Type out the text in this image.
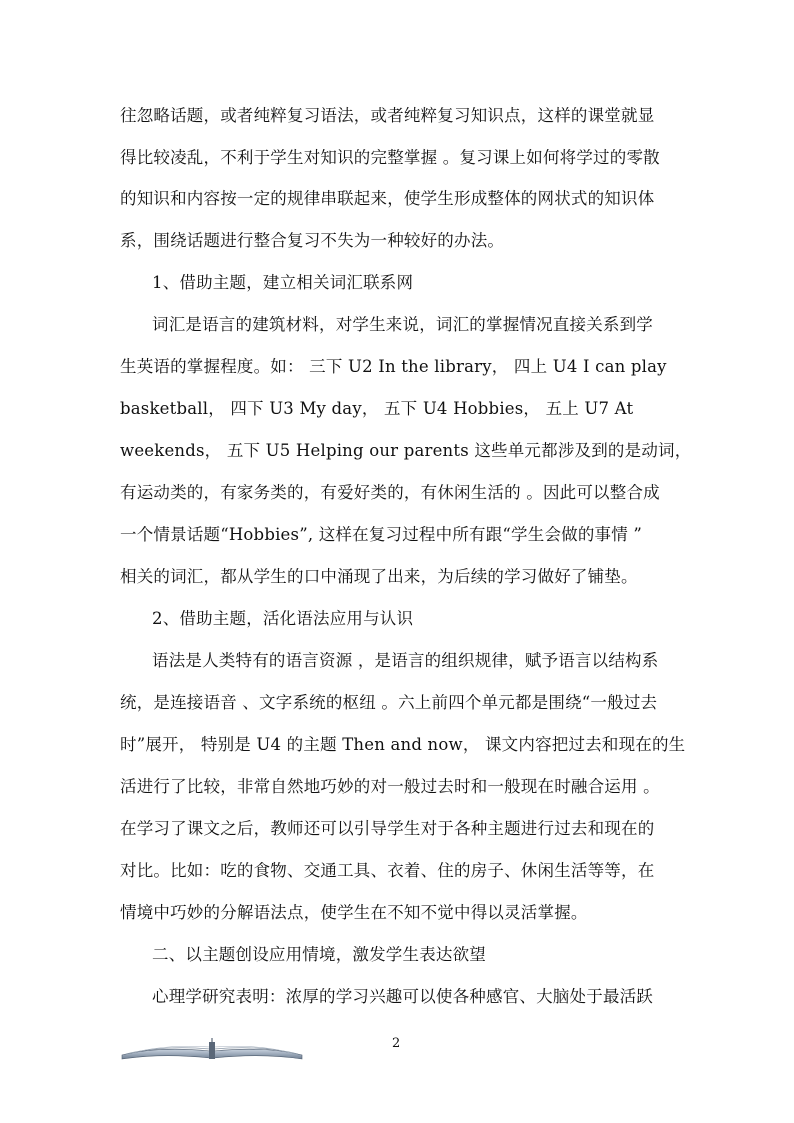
往忽略话题，或者纯粹复习语法，或者纯粹复习知识点，这样的课堂就显
得比较凌乱，不利于学生对知识的完整掌握 。复习课上如何将学过的零散
的知识和内容按一定的规律串联起来，使学生形成整体的网状式的知识体
系，围绕话题进行整合复习不失为一种较好的办法。
1、借助主题，建立相关词汇联系网
词汇是语言的建筑材料，对学生来说，词汇的掌握情况直接关系到学
生英语的掌握程度。如： 三下 U2 In the library， 四上 U4 I can play
basketball， 四下 U3 My day， 五下 U4 Hobbies， 五上 U7 At
weekends， 五下 U5 Helping our parents 这些单元都涉及到的是动词，
有运动类的，有家务类的，有爱好类的，有休闲生活的 。因此可以整合成
一个情景话题“Hobbies”, 这样在复习过程中所有跟“学生会做的事情 ”
相关的词汇，都从学生的口中涌现了出来，为后续的学习做好了铺垫。
2、借助主题，活化语法应用与认识
语法是人类特有的语言资源 ，是语言的组织规律，赋予语言以结构系
统，是连接语音 、文字系统的枢纽 。六上前四个单元都是围绕“一般过去
时”展开， 特别是 U4 的主题 Then and now， 课文内容把过去和现在的生
活进行了比较，非常自然地巧妙的对一般过去时和一般现在时融合运用 。
在学习了课文之后，教师还可以引导学生对于各种主题进行过去和现在的
对比。比如：吃的食物、交通工具、衣着、住的房子、休闲生活等等，在
情境中巧妙的分解语法点，使学生在不知不觉中得以灵活掌握。
二、以主题创设应用情境，激发学生表达欲望
心理学研究表明：浓厚的学习兴趣可以使各种感官、大脑处于最活跃
2
